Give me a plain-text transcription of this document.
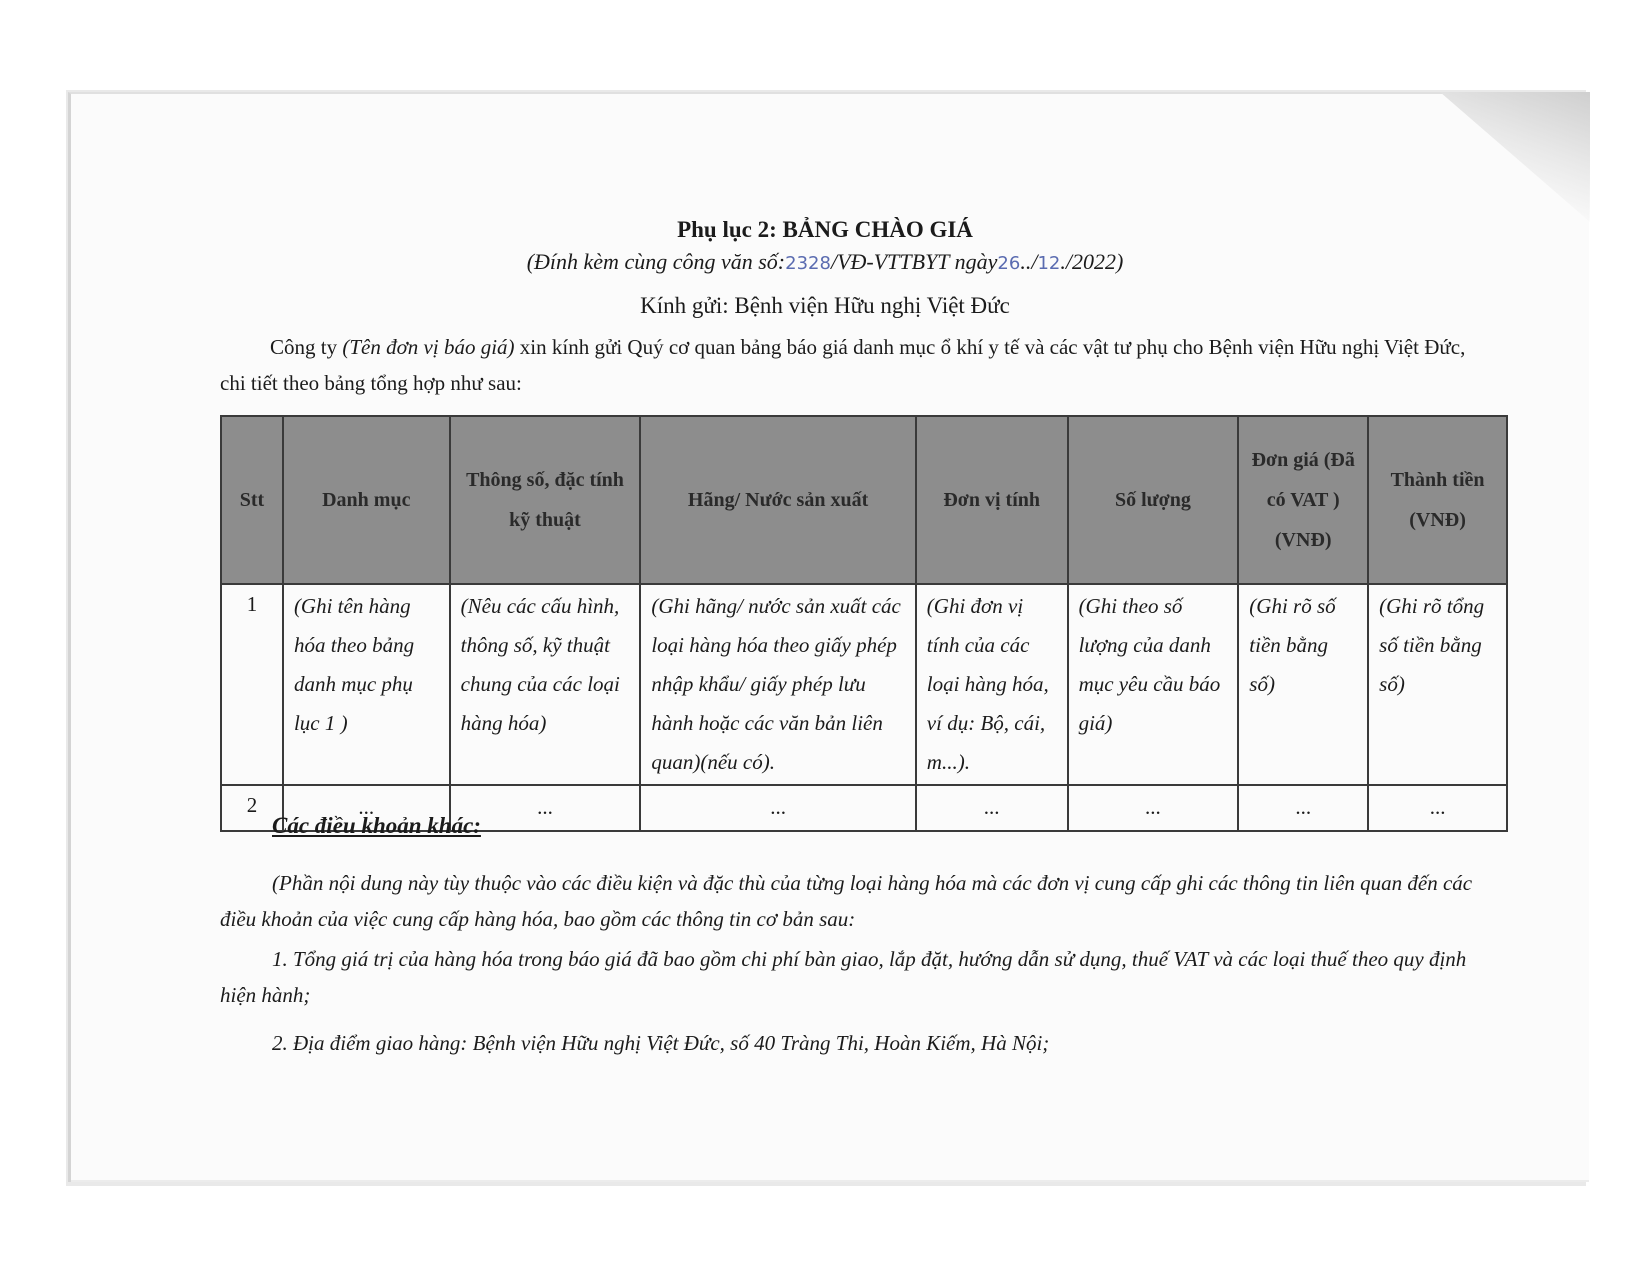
Phụ lục 2: BẢNG CHÀO GIÁ
(Đính kèm cùng công văn số:2328/VĐ-VTTBYT ngày26../12./2022)
Kính gửi: Bệnh viện Hữu nghị Việt Đức
Công ty (Tên đơn vị báo giá) xin kính gửi Quý cơ quan bảng báo giá danh mục ổ khí y tế và các vật tư phụ cho Bệnh viện Hữu nghị Việt Đức, chi tiết theo bảng tổng hợp như sau:
Stt	Danh mục	Thông số, đặc tính kỹ thuật	Hãng/ Nước sản xuất	Đơn vị tính	Số lượng	Đơn giá (Đã có VAT ) (VNĐ)	Thành tiền (VNĐ)
1	(Ghi tên hàng hóa theo bảng danh mục phụ lục 1 )	(Nêu các cấu hình, thông số, kỹ thuật chung của các loại hàng hóa)	(Ghi hãng/ nước sản xuất các loại hàng hóa theo giấy phép nhập khẩu/ giấy phép lưu hành hoặc các văn bản liên quan)(nếu có).	(Ghi đơn vị tính của các loại hàng hóa, ví dụ: Bộ, cái, m...).	(Ghi theo số lượng của danh mục yêu cầu báo giá)	(Ghi rõ số tiền bằng số)	(Ghi rõ tổng số tiền bằng số)
2	...	...	...	...	...	...	...
Các điều khoản khác:
(Phần nội dung này tùy thuộc vào các điều kiện và đặc thù của từng loại hàng hóa mà các đơn vị cung cấp ghi các thông tin liên quan đến các điều khoản của việc cung cấp hàng hóa, bao gồm các thông tin cơ bản sau:
1. Tổng giá trị của hàng hóa trong báo giá đã bao gồm chi phí bàn giao, lắp đặt, hướng dẫn sử dụng, thuế VAT và các loại thuế theo quy định hiện hành;
2. Địa điểm giao hàng: Bệnh viện Hữu nghị Việt Đức, số 40 Tràng Thi, Hoàn Kiếm, Hà Nội;
